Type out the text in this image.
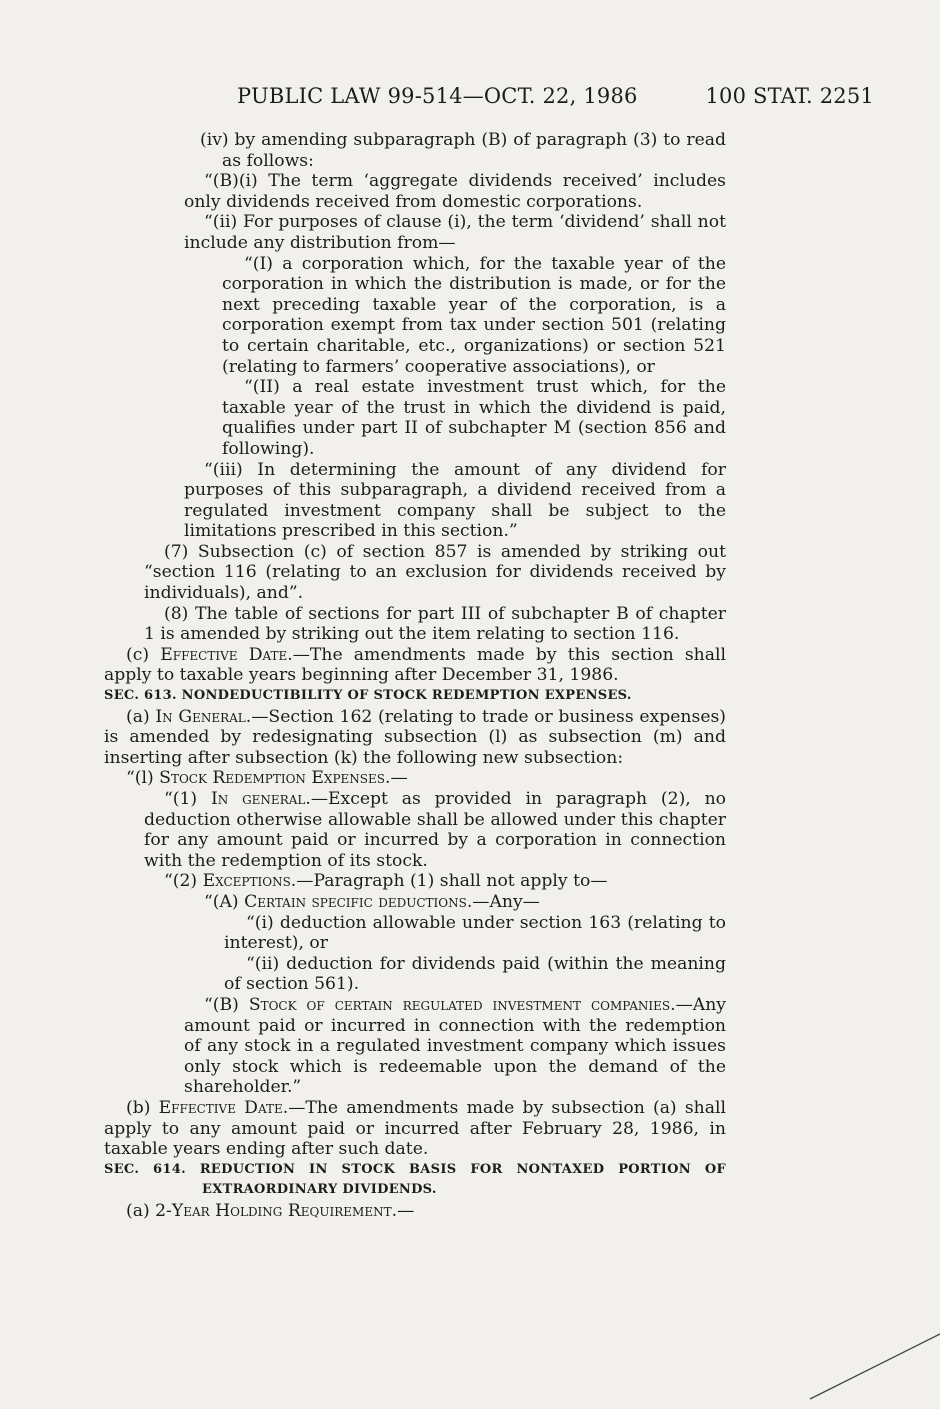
PUBLIC LAW 99-514—OCT. 22, 1986	100 STAT. 2251

(iv) by amending subparagraph (B) of paragraph (3) to read as follows:

“(B)(i) The term ‘aggregate dividends received’ includes only dividends received from domestic corporations.

“(ii) For purposes of clause (i), the term ‘dividend’ shall not include any distribution from—

“(I) a corporation which, for the taxable year of the corporation in which the distribution is made, or for the next preceding taxable year of the corporation, is a corporation exempt from tax under section 501 (relating to certain charitable, etc., organizations) or section 521 (relating to farmers’ cooperative associations), or

“(II) a real estate investment trust which, for the taxable year of the trust in which the dividend is paid, qualifies under part II of subchapter M (section 856 and following).

“(iii) In determining the amount of any dividend for purposes of this subparagraph, a dividend received from a regulated investment company shall be subject to the limitations prescribed in this section.”

(7) Subsection (c) of section 857 is amended by striking out “section 116 (relating to an exclusion for dividends received by individuals), and”.

(8) The table of sections for part III of subchapter B of chapter 1 is amended by striking out the item relating to section 116.

(c) Effective Date.—The amendments made by this section shall apply to taxable years beginning after December 31, 1986.

SEC. 613. NONDEDUCTIBILITY OF STOCK REDEMPTION EXPENSES.

(a) In General.—Section 162 (relating to trade or business expenses) is amended by redesignating subsection (l) as subsection (m) and inserting after subsection (k) the following new subsection:

“(l) Stock Redemption Expenses.—

“(1) In general.—Except as provided in paragraph (2), no deduction otherwise allowable shall be allowed under this chapter for any amount paid or incurred by a corporation in connection with the redemption of its stock.

“(2) Exceptions.—Paragraph (1) shall not apply to—

“(A) Certain specific deductions.—Any—

“(i) deduction allowable under section 163 (relating to interest), or

“(ii) deduction for dividends paid (within the meaning of section 561).

“(B) Stock of certain regulated investment companies.—Any amount paid or incurred in connection with the redemption of any stock in a regulated investment company which issues only stock which is redeemable upon the demand of the shareholder.”

(b) Effective Date.—The amendments made by subsection (a) shall apply to any amount paid or incurred after February 28, 1986, in taxable years ending after such date.

SEC. 614. REDUCTION IN STOCK BASIS FOR NONTAXED PORTION OF EXTRAORDINARY DIVIDENDS.

(a) 2-Year Holding Requirement.—
